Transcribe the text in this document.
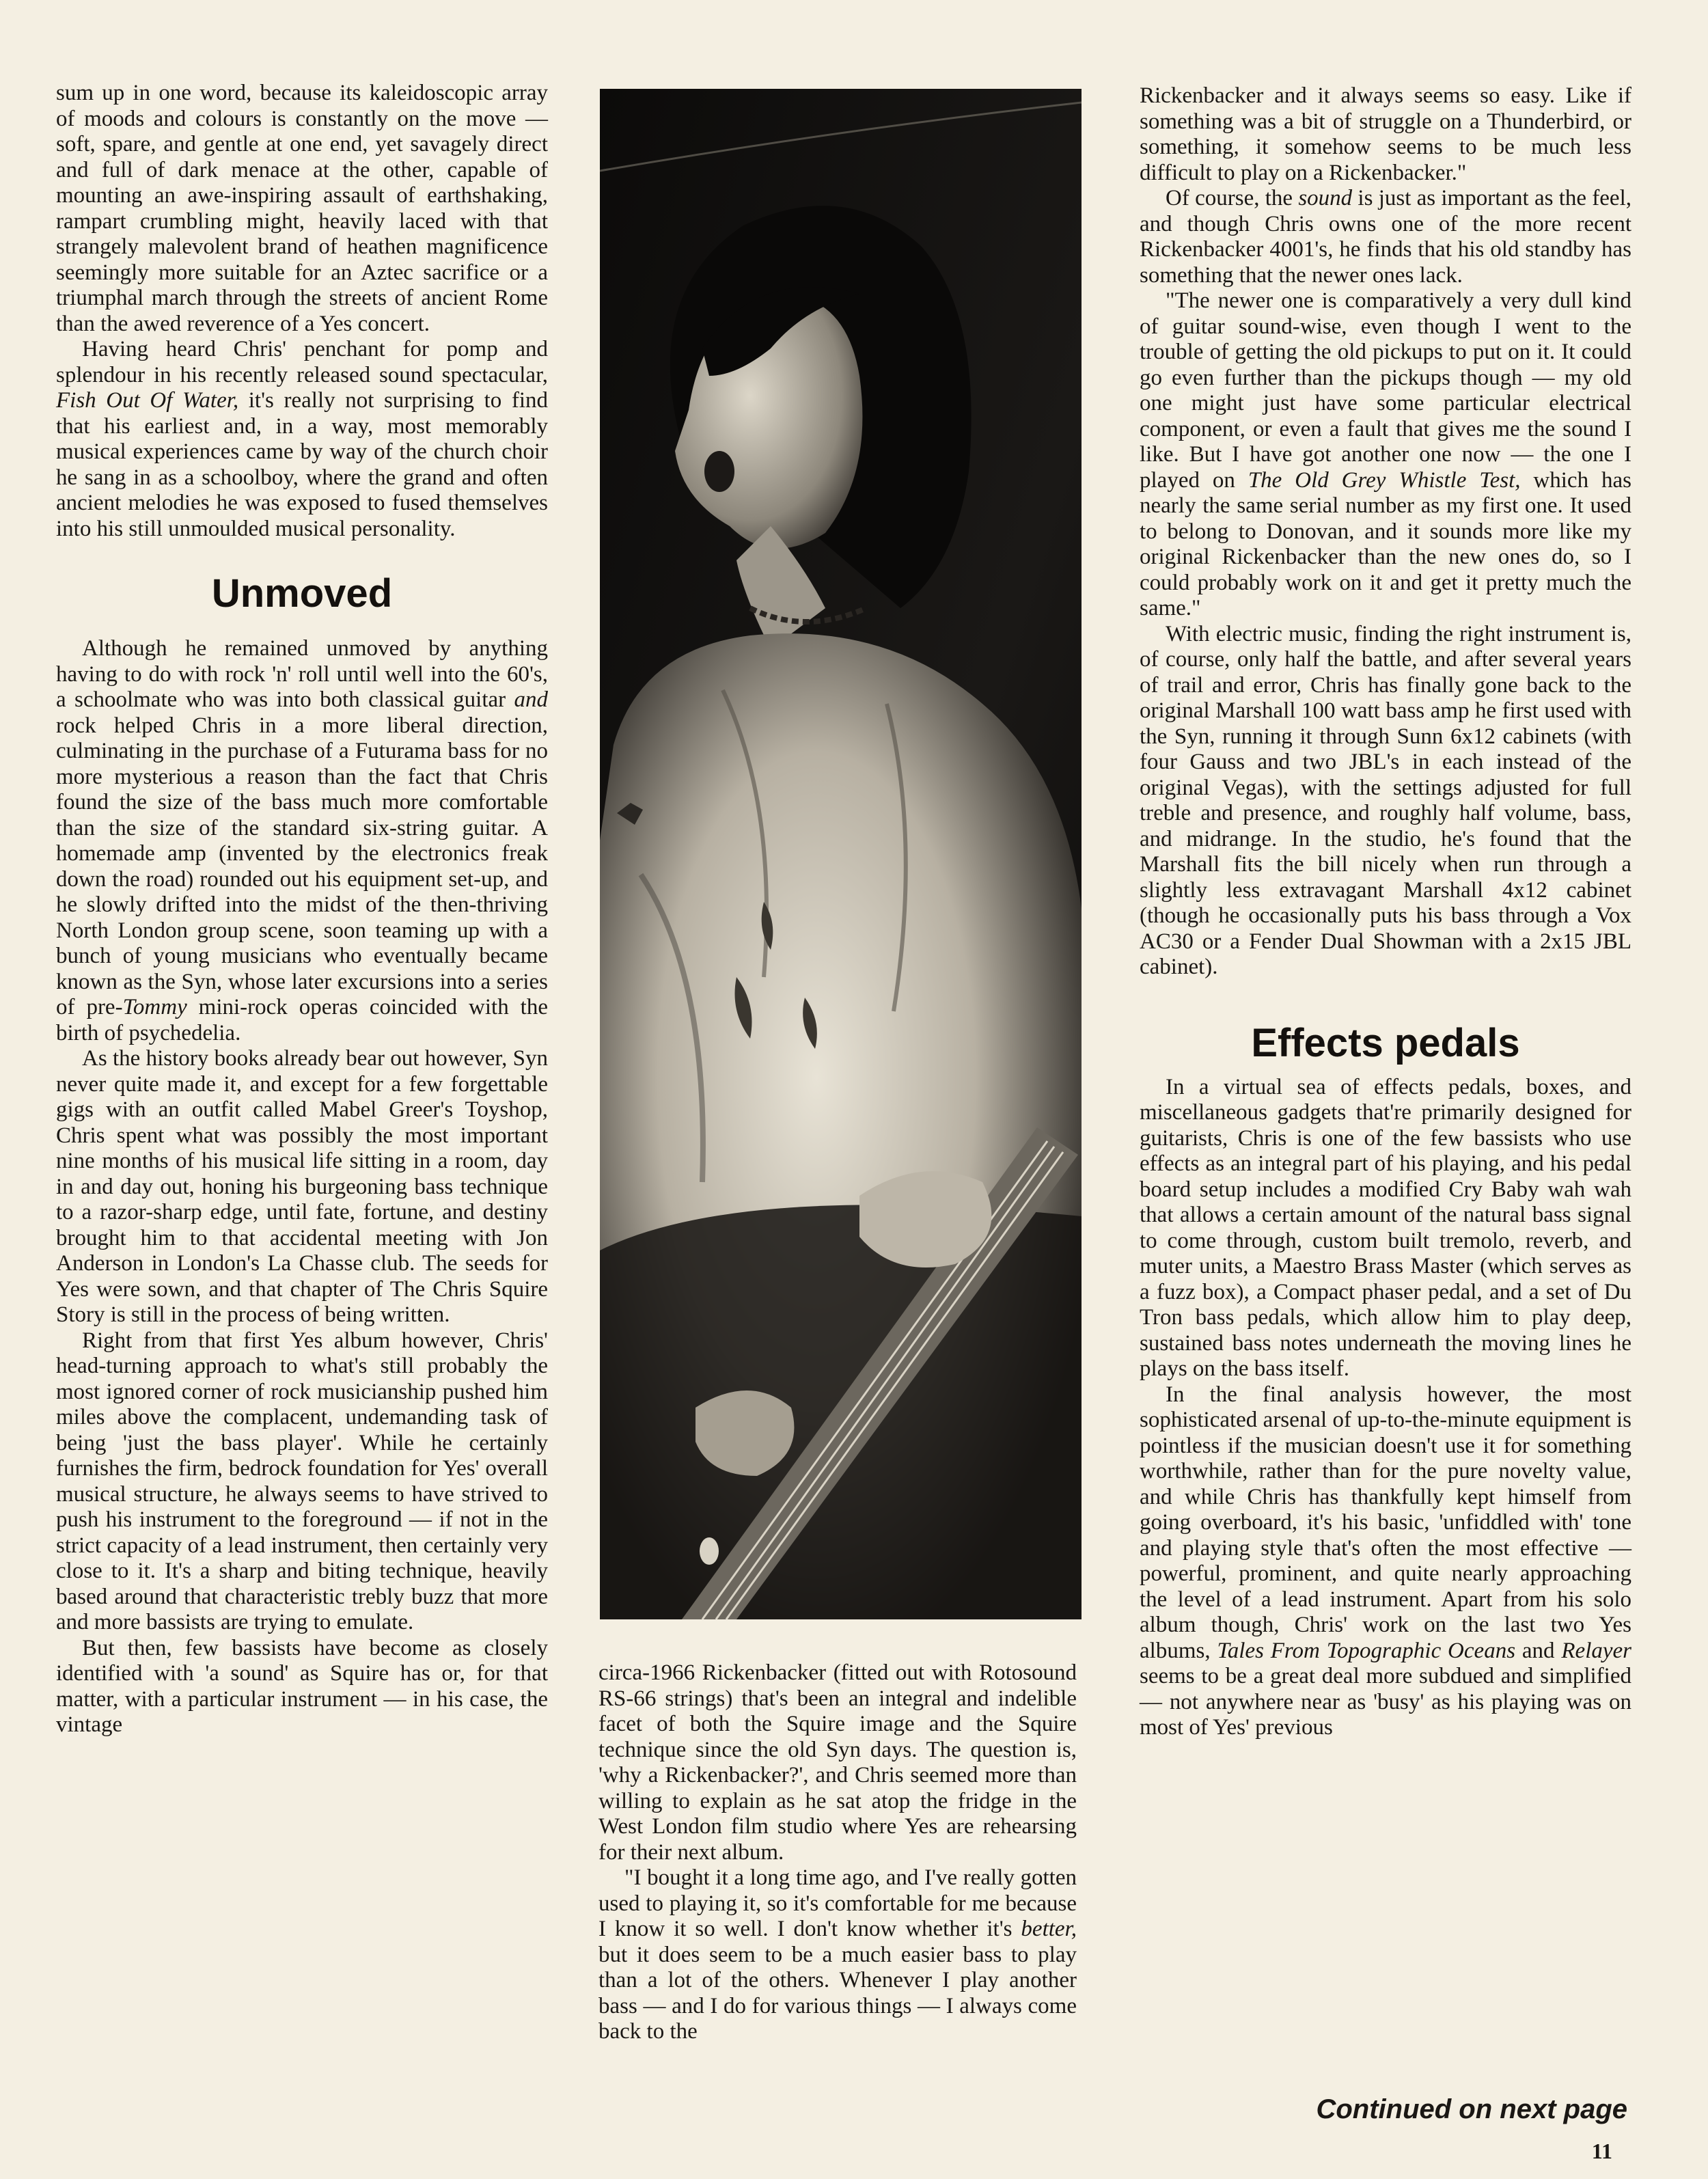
sum up in one word, because its kaleidoscopic array of moods and colours is constantly on the move — soft, spare, and gentle at one end, yet savagely direct and full of dark menace at the other, capable of mounting an awe-inspiring assault of earthshaking, rampart crumbling might, heavily laced with that strangely malevolent brand of heathen magnificence seemingly more suitable for an Aztec sacrifice or a triumphal march through the streets of ancient Rome than the awed reverence of a Yes concert.

Having heard Chris' penchant for pomp and splendour in his recently released sound spectacular, Fish Out Of Water, it's really not surprising to find that his earliest and, in a way, most memorably musical experiences came by way of the church choir he sang in as a schoolboy, where the grand and often ancient melodies he was exposed to fused themselves into his still unmoulded musical personality.

Unmoved

Although he remained unmoved by anything having to do with rock 'n' roll until well into the 60's, a schoolmate who was into both classical guitar and rock helped Chris in a more liberal direction, culminating in the purchase of a Futurama bass for no more mysterious a reason than the fact that Chris found the size of the bass much more comfortable than the size of the standard six-string guitar. A homemade amp (invented by the electronics freak down the road) rounded out his equipment set-up, and he slowly drifted into the midst of the then-thriving North London group scene, soon teaming up with a bunch of young musicians who eventually became known as the Syn, whose later excursions into a series of pre-Tommy mini-rock operas coincided with the birth of psychedelia.

As the history books already bear out however, Syn never quite made it, and except for a few forgettable gigs with an outfit called Mabel Greer's Toyshop, Chris spent what was possibly the most important nine months of his musical life sitting in a room, day in and day out, honing his burgeoning bass technique to a razor-sharp edge, until fate, fortune, and destiny brought him to that accidental meeting with Jon Anderson in London's La Chasse club. The seeds for Yes were sown, and that chapter of The Chris Squire Story is still in the process of being written.

Right from that first Yes album however, Chris' head-turning approach to what's still probably the most ignored corner of rock musicianship pushed him miles above the complacent, undemanding task of being 'just the bass player'. While he certainly furnishes the firm, bedrock foundation for Yes' overall musical structure, he always seems to have strived to push his instrument to the foreground — if not in the strict capacity of a lead instrument, then certainly very close to it. It's a sharp and biting technique, heavily based around that characteristic trebly buzz that more and more bassists are trying to emulate.

But then, few bassists have become as closely identified with 'a sound' as Squire has or, for that matter, with a particular instrument — in his case, the vintage

circa-1966 Rickenbacker (fitted out with Rotosound RS-66 strings) that's been an integral and indelible facet of both the Squire image and the Squire technique since the old Syn days. The question is, 'why a Rickenbacker?', and Chris seemed more than willing to explain as he sat atop the fridge in the West London film studio where Yes are rehearsing for their next album.

"I bought it a long time ago, and I've really gotten used to playing it, so it's comfortable for me because I know it so well. I don't know whether it's better, but it does seem to be a much easier bass to play than a lot of the others. Whenever I play another bass — and I do for various things — I always come back to the

Rickenbacker and it always seems so easy. Like if something was a bit of struggle on a Thunderbird, or something, it somehow seems to be much less difficult to play on a Rickenbacker."

Of course, the sound is just as important as the feel, and though Chris owns one of the more recent Rickenbacker 4001's, he finds that his old standby has something that the newer ones lack.

"The newer one is comparatively a very dull kind of guitar sound-wise, even though I went to the trouble of getting the old pickups to put on it. It could go even further than the pickups though — my old one might just have some particular electrical component, or even a fault that gives me the sound I like. But I have got another one now — the one I played on The Old Grey Whistle Test, which has nearly the same serial number as my first one. It used to belong to Donovan, and it sounds more like my original Rickenbacker than the new ones do, so I could probably work on it and get it pretty much the same."

With electric music, finding the right instrument is, of course, only half the battle, and after several years of trail and error, Chris has finally gone back to the original Marshall 100 watt bass amp he first used with the Syn, running it through Sunn 6x12 cabinets (with four Gauss and two JBL's in each instead of the original Vegas), with the settings adjusted for full treble and presence, and roughly half volume, bass, and midrange. In the studio, he's found that the Marshall fits the bill nicely when run through a slightly less extravagant Marshall 4x12 cabinet (though he occasionally puts his bass through a Vox AC30 or a Fender Dual Showman with a 2x15 JBL cabinet).

Effects pedals

In a virtual sea of effects pedals, boxes, and miscellaneous gadgets that're primarily designed for guitarists, Chris is one of the few bassists who use effects as an integral part of his playing, and his pedal board setup includes a modified Cry Baby wah wah that allows a certain amount of the natural bass signal to come through, custom built tremolo, reverb, and muter units, a Maestro Brass Master (which serves as a fuzz box), a Compact phaser pedal, and a set of Du Tron bass pedals, which allow him to play deep, sustained bass notes underneath the moving lines he plays on the bass itself.

In the final analysis however, the most sophisticated arsenal of up-to-the-minute equipment is pointless if the musician doesn't use it for something worthwhile, rather than for the pure novelty value, and while Chris has thankfully kept himself from going overboard, it's his basic, 'unfiddled with' tone and playing style that's often the most effective — powerful, prominent, and quite nearly approaching the level of a lead instrument. Apart from his solo album though, Chris' work on the last two Yes albums, Tales From Topographic Oceans and Relayer seems to be a great deal more subdued and simplified — not anywhere near as 'busy' as his playing was on most of Yes' previous

Continued on next page
11
